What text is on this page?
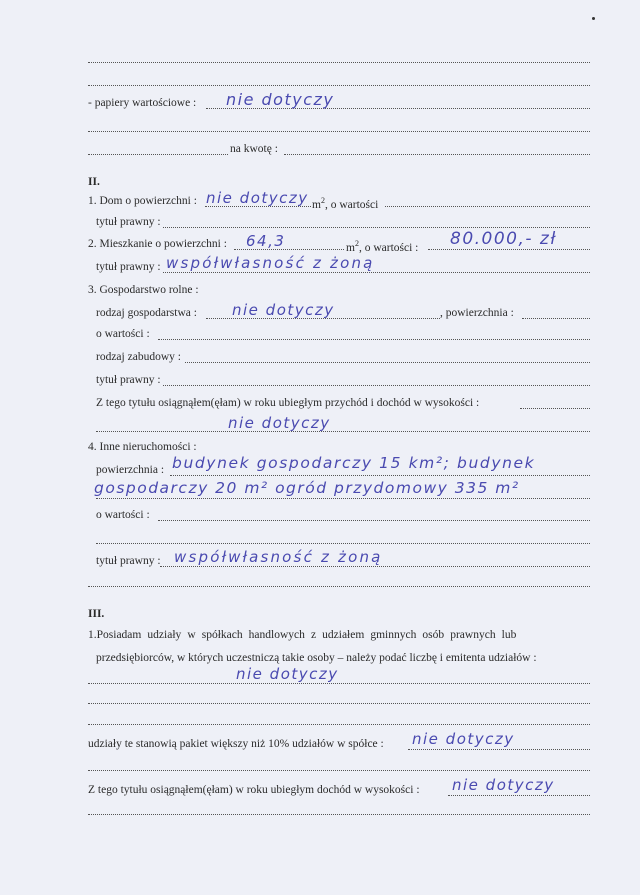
- papiery wartościowe : nie dotyczy
na kwotę :
II.
1. Dom o powierzchni : nie dotyczy $m^2$, o wartości
tytuł prawny :
2. Mieszkanie o powierzchni : 64,3	$m^2$, o wartości : 80.000,- zł
tytuł prawny : współwłasność z żoną
3. Gospodarstwo rolne :
rodzaj gospodarstwa : nie dotyczy	, powierzchnia :
o wartości :
rodzaj zabudowy :
tytuł prawny :
Z tego tytułu osiągnąłem(ęłam) w roku ubiegłym przychód i dochód w wysokości :
nie dotyczy
4. Inne nieruchomości :
powierzchnia : budynek gospodarczy 15 km²; budynek
gospodarczy 20 m² ogród przydomowy 335 m²
o wartości :
tytuł prawny : współwłasność z żoną
III.
1.Posiadam udziały w spółkach handlowych z udziałem gminnych osób prawnych lub
przedsiębiorców, w których uczestniczą takie osoby – należy podać liczbę i emitenta udziałów :
nie dotyczy
udziały te stanowią pakiet większy niż 10% udziałów w spółce : nie dotyczy
Z tego tytułu osiągnąłem(ęłam) w roku ubiegłym dochód w wysokości : nie dotyczy
